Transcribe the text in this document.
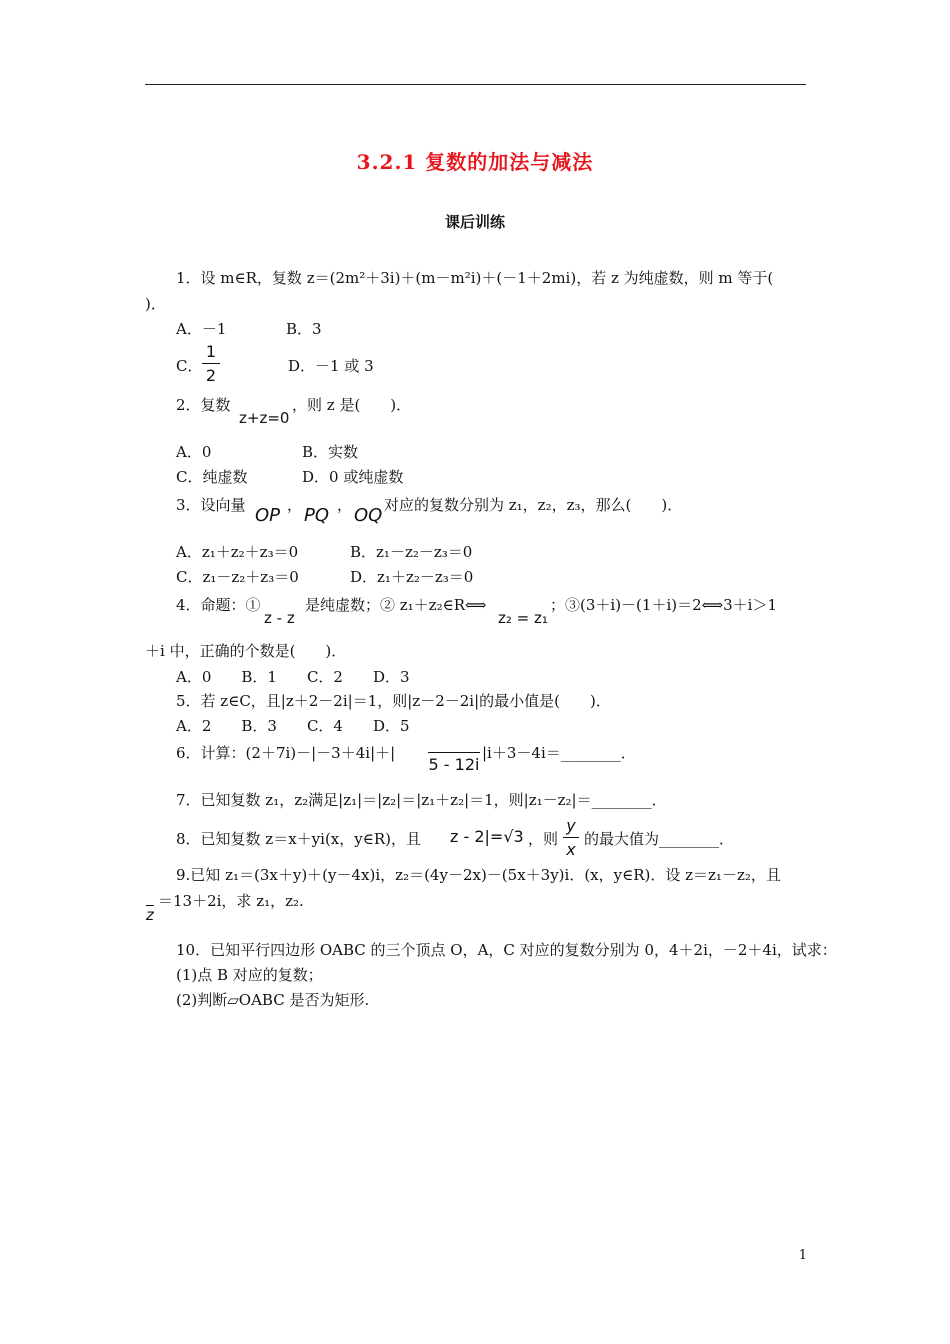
3.2.1 复数的加法与减法
课后训练
1．设 m∈R，复数 z＝(2m²＋3i)＋(m－m²i)＋(－1＋2mi)，若 z 为纯虚数，则 m 等于(
)．
A．－1	B．3
C．
1
2	D．－1 或 3
2．复数
z+z=0
，则 z 是(　　)．
A．0	B．实数
C．纯虚数	D．0 或纯虚数
3．设向量 OP ， PQ ， OQ 对应的复数分别为 z₁，z₂，z₃，那么(　　)．
A．z₁＋z₂＋z₃＝0	B．z₁－z₂－z₃＝0
C．z₁－z₂＋z₃＝0	D．z₁＋z₂－z₃＝0
4．命题：①
z - z
是纯虚数；② z₁＋z₂∈R⟺
z₂ = z₁
；③(3＋i)－(1＋i)＝2⟺3＋i＞1
＋i 中，正确的个数是(　　)．
A．0　　B．1　　C．2　　D．3
5．若 z∈C，且|z＋2－2i|＝1，则|z－2－2i|的最小值是(　　)．
A．2　　B．3　　C．4　　D．5
6．计算：(2＋7i)－|－3＋4i|＋|
5 - 12i
|i＋3－4i＝________．
7．已知复数 z₁，z₂满足|z₁|＝|z₂|＝|z₁＋z₂|＝1，则|z₁－z₂|＝________．
8．已知复数 z＝x＋yi(x，y∈R)，且 z - 2|=√3 ，则
y
x
的最大值为________．
9.已知 z₁＝(3x＋y)＋(y－4x)i，z₂＝(4y－2x)－(5x＋3y)i．(x，y∈R)．设 z＝z₁－z₂，且
$\overline{z}$
＝13＋2i，求 z₁，z₂.
10．已知平行四边形 OABC 的三个顶点 O，A，C 对应的复数分别为 0，4＋2i，－2＋4i，试求：
(1)点 B 对应的复数；
(2)判断▱OABC 是否为矩形.
1
